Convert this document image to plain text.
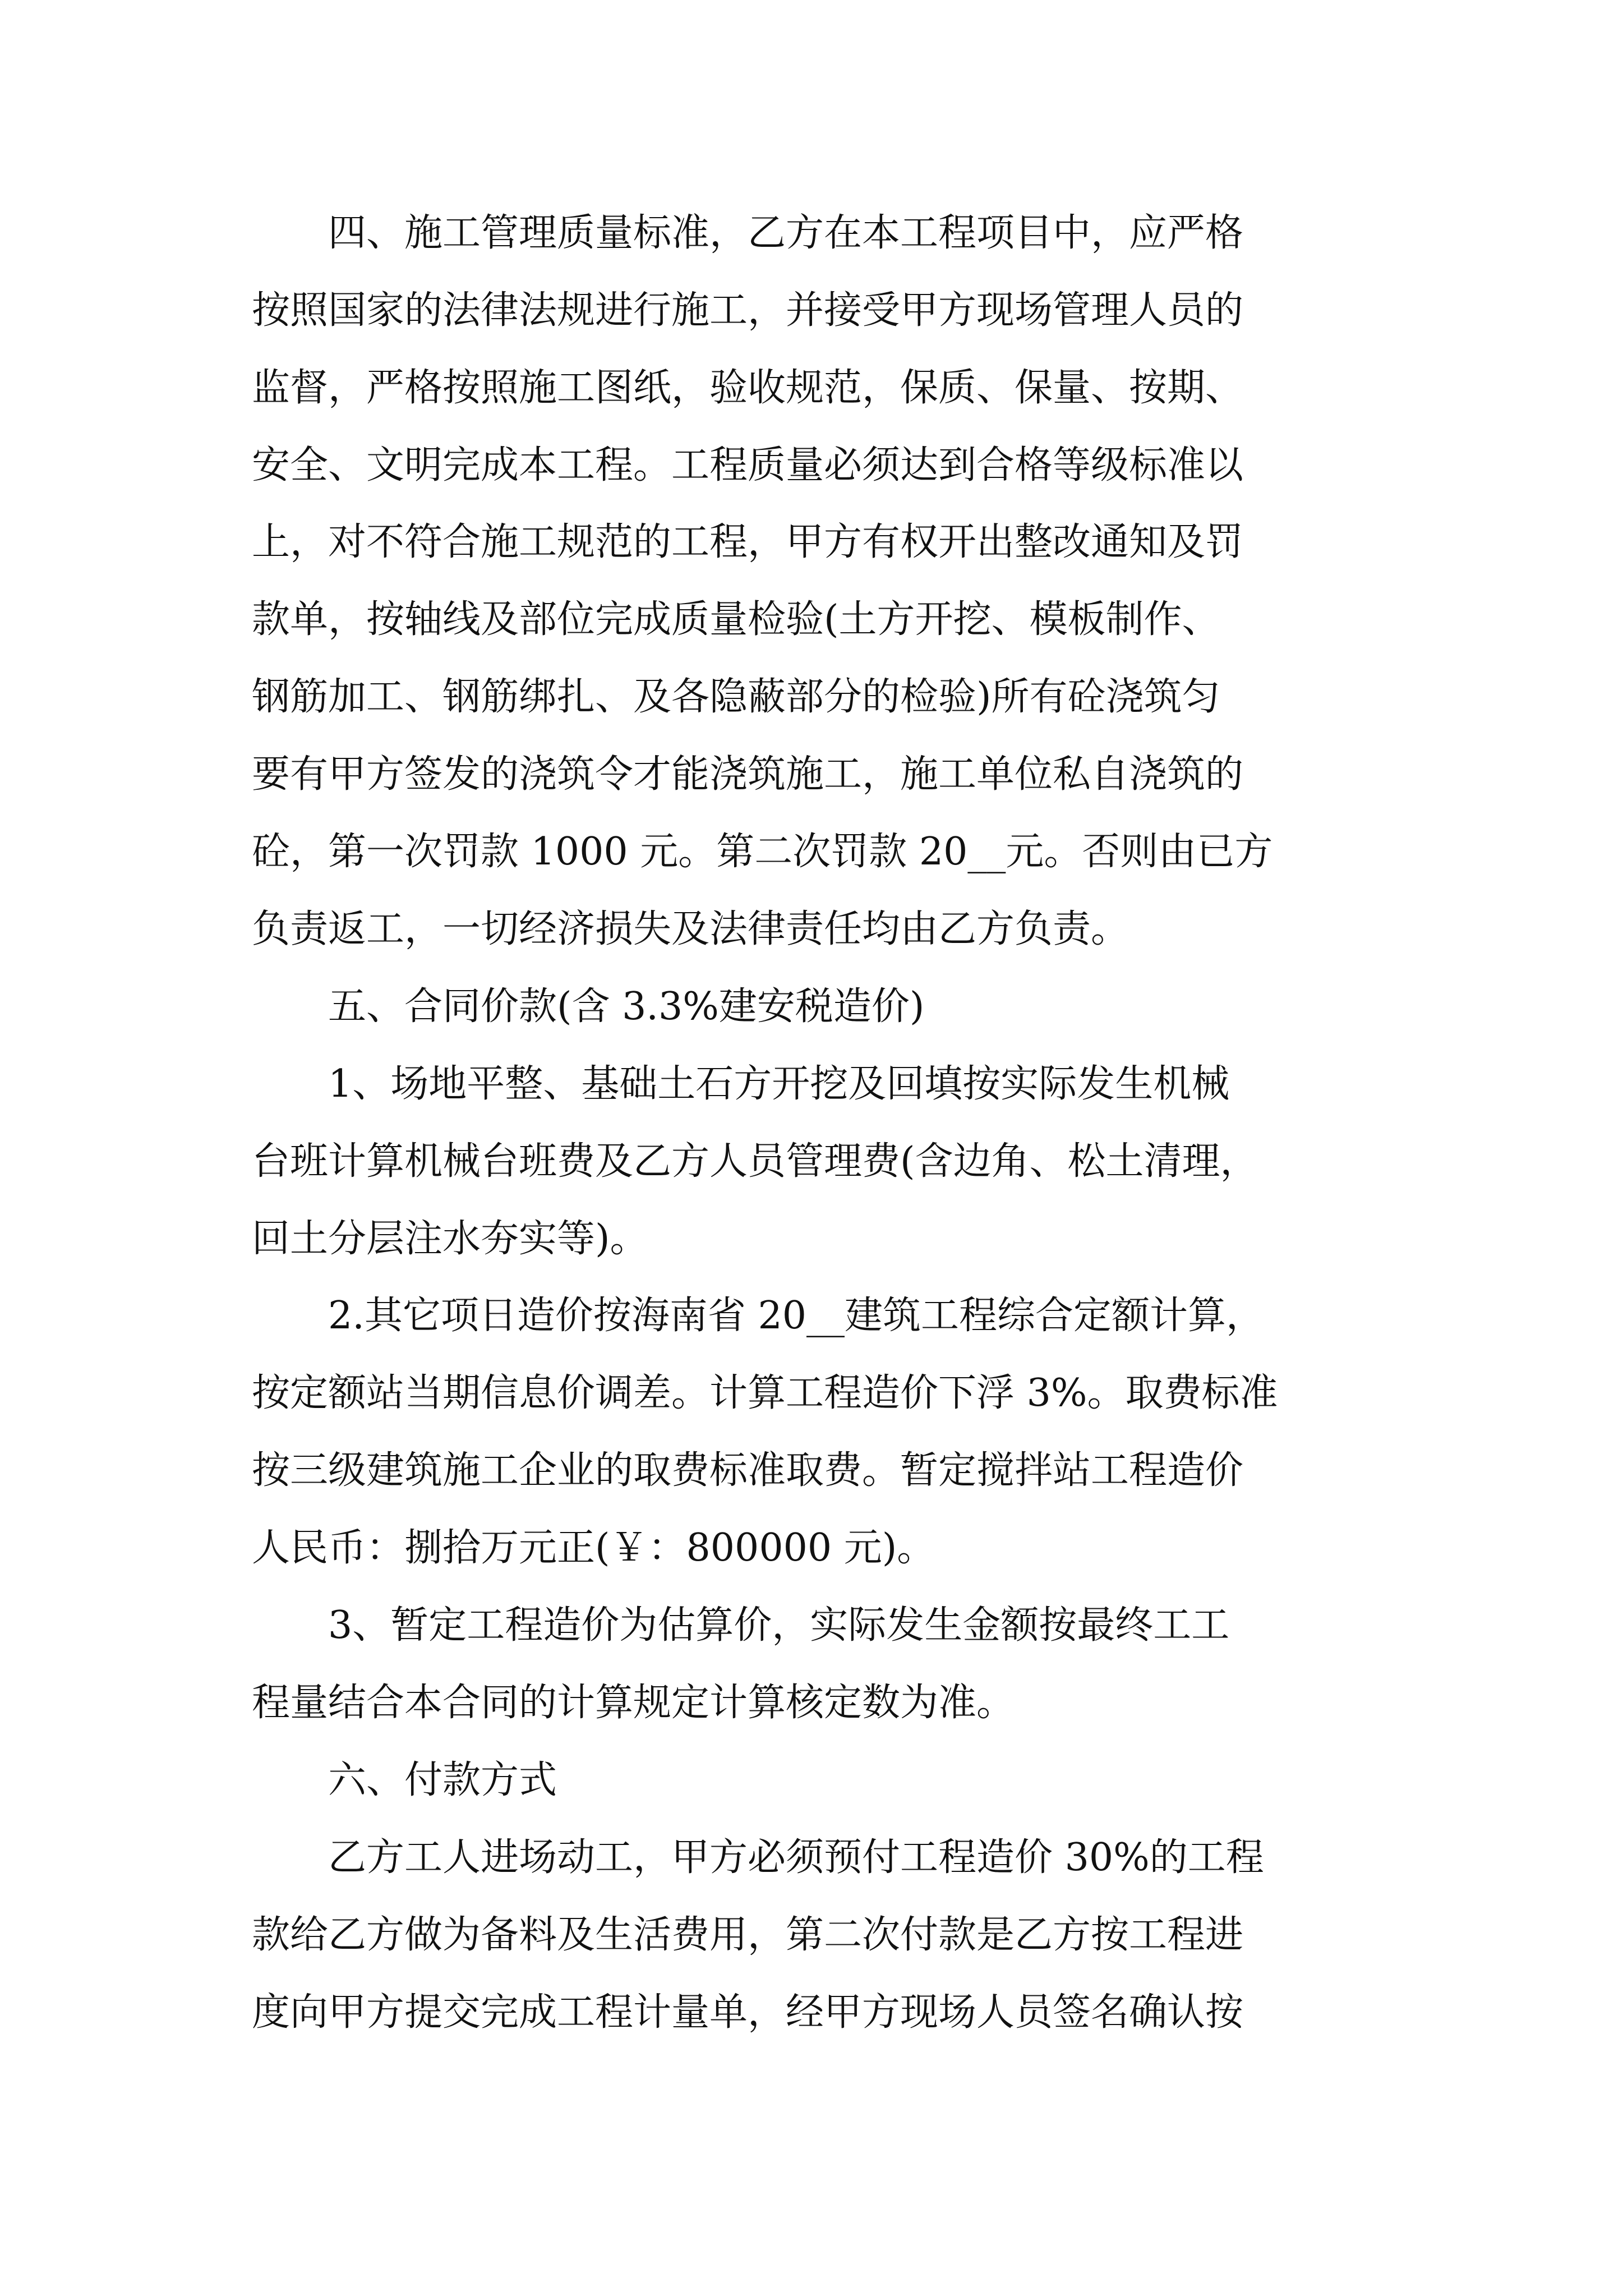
　　四、施工管理质量标准，乙方在本工程项目中，应严格
按照国家的法律法规进行施工，并接受甲方现场管理人员的
监督，严格按照施工图纸，验收规范，保质、保量、按期、
安全、文明完成本工程。工程质量必须达到合格等级标准以
上，对不符合施工规范的工程，甲方有权开出整改通知及罚
款单，按轴线及部位完成质量检验(土方开挖、模板制作、
钢筋加工、钢筋绑扎、及各隐蔽部分的检验)所有砼浇筑匀
要有甲方签发的浇筑令才能浇筑施工，施工单位私自浇筑的
砼，第一次罚款 1000 元。第二次罚款 20__元。否则由已方
负责返工，一切经济损失及法律责任均由乙方负责。
　　五、合同价款(含 3.3%建安税造价)
　　1、场地平整、基础土石方开挖及回填按实际发生机械
台班计算机械台班费及乙方人员管理费(含边角、松土清理，
回土分层注水夯实等)。
　　2.其它项日造价按海南省 20__建筑工程综合定额计算，
按定额站当期信息价调差。计算工程造价下浮 3%。取费标准
按三级建筑施工企业的取费标准取费。暂定搅拌站工程造价
人民币：捌拾万元正(￥：800000 元)。
　　3、暂定工程造价为估算价，实际发生金额按最终工工
程量结合本合同的计算规定计算核定数为准。
　　六、付款方式
　　乙方工人进场动工，甲方必须预付工程造价 30%的工程
款给乙方做为备料及生活费用，第二次付款是乙方按工程进
度向甲方提交完成工程计量单，经甲方现场人员签名确认按
